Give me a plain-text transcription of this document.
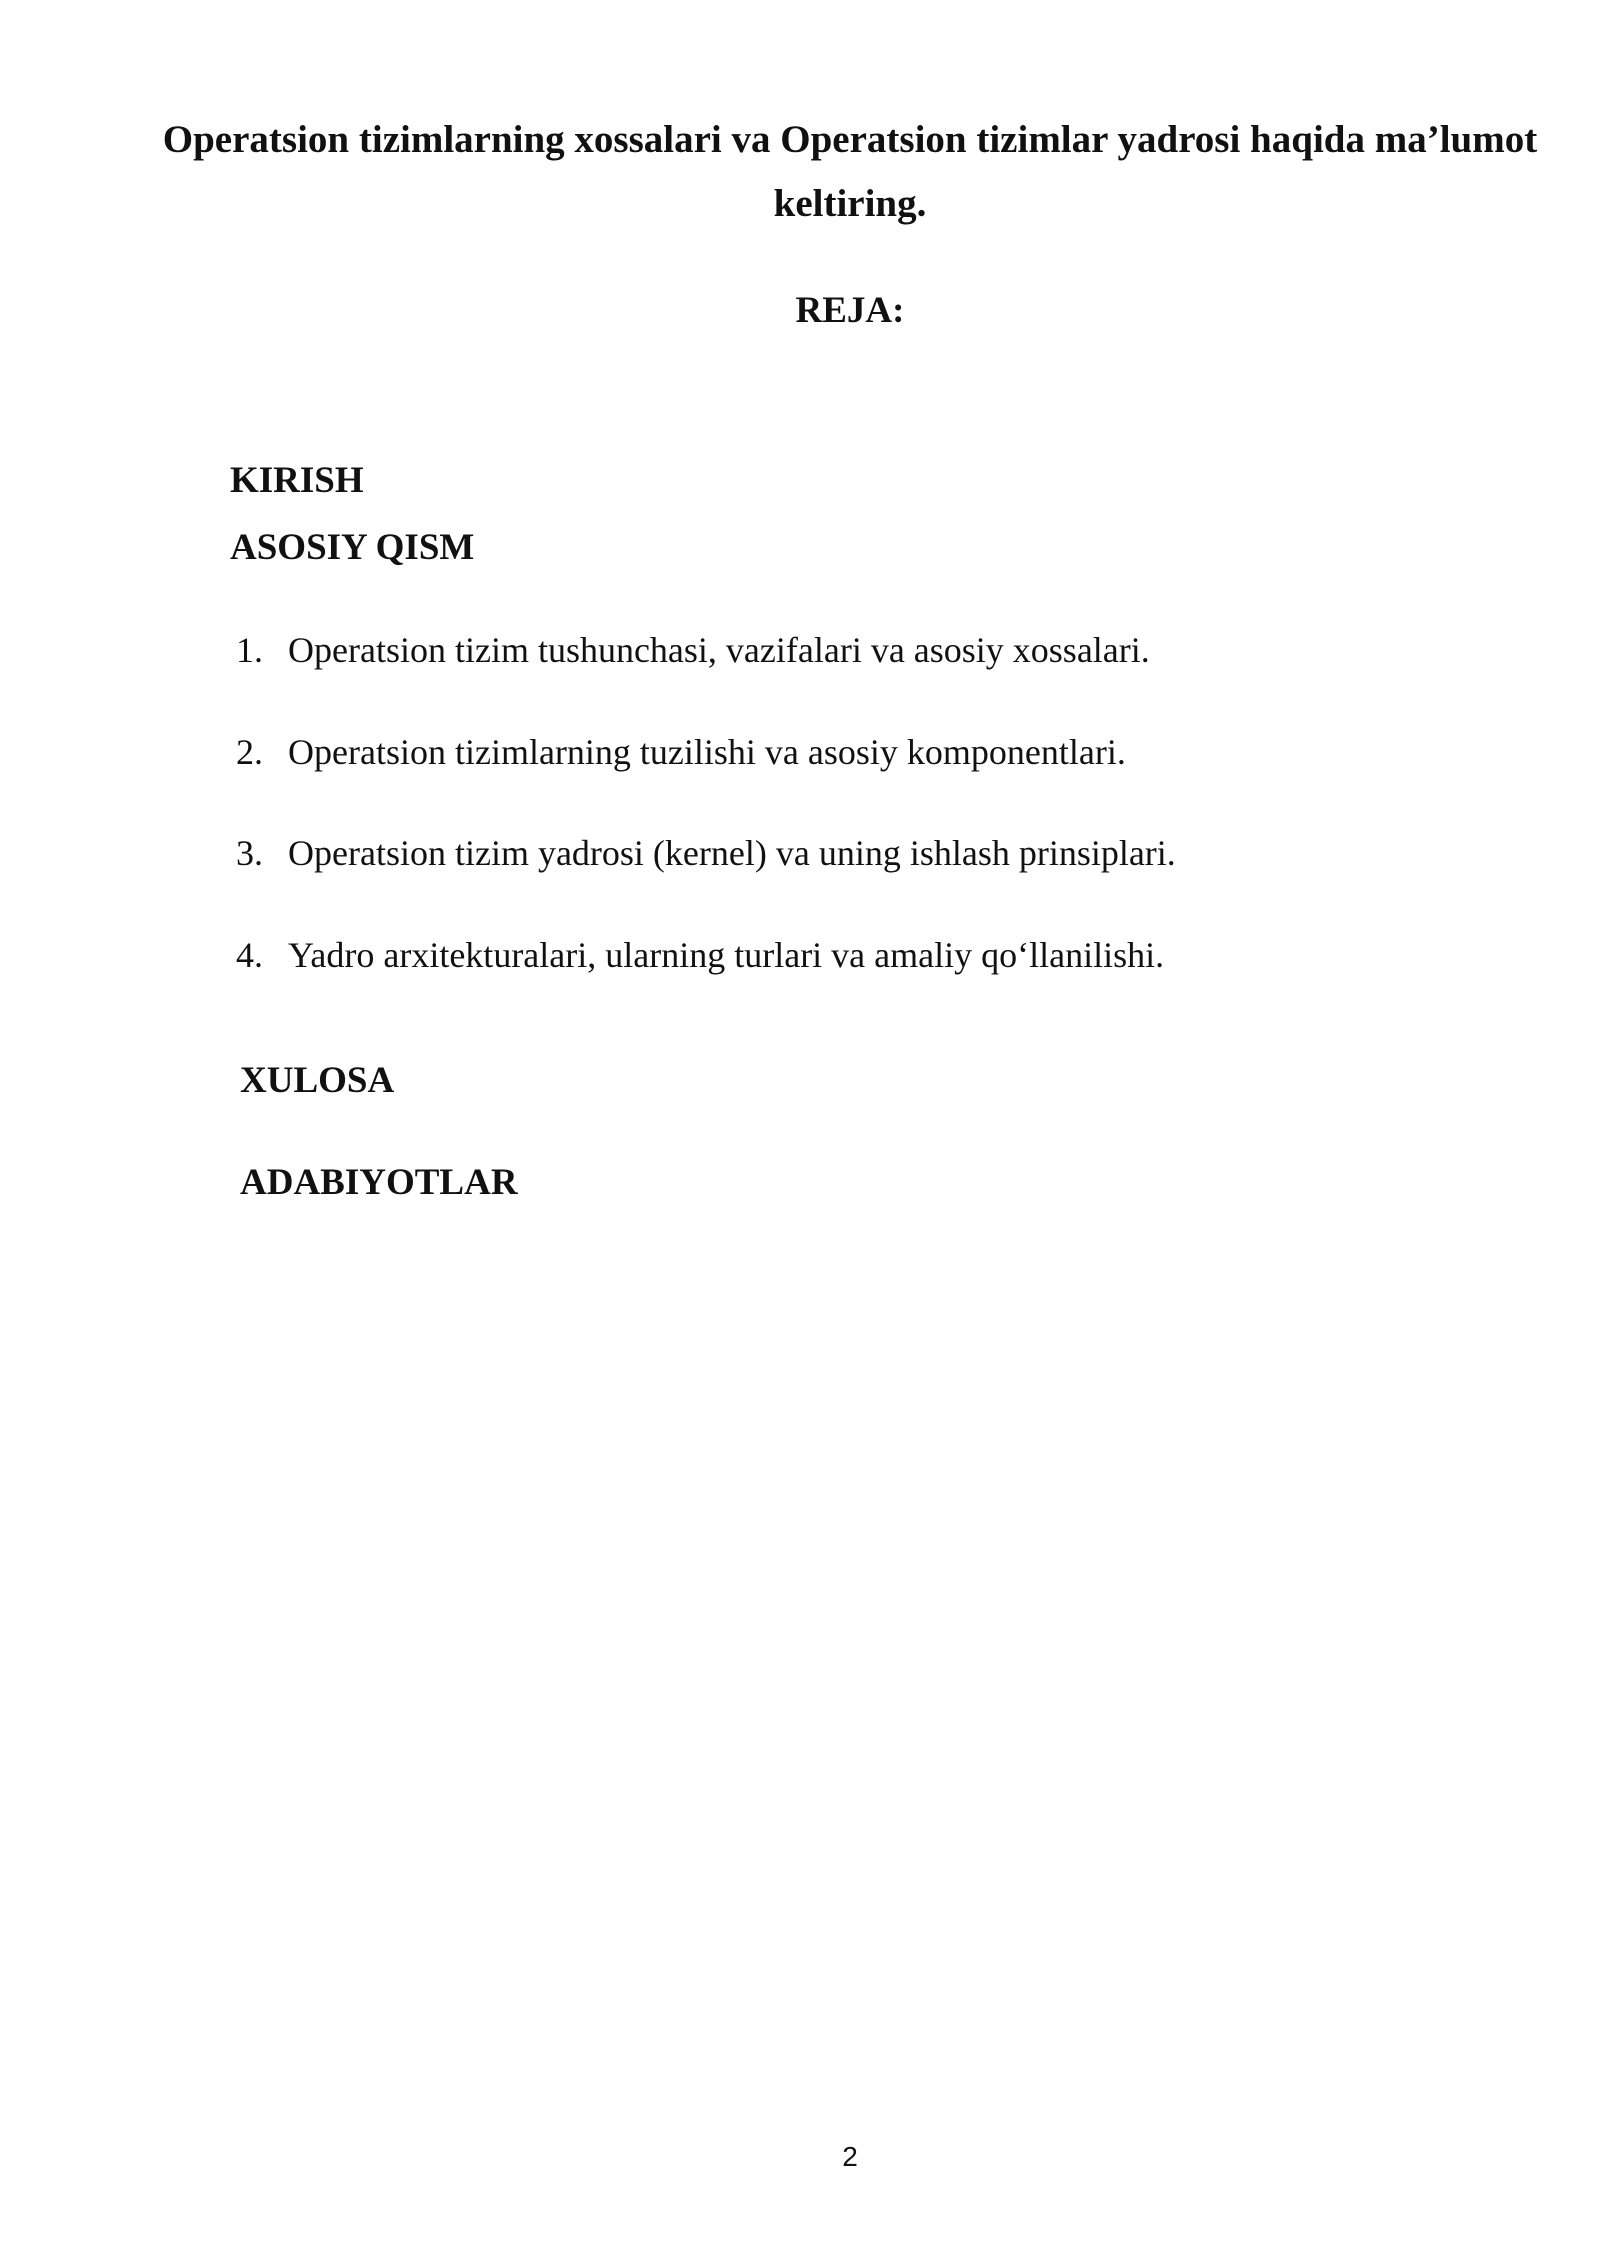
Operatsion tizimlarning xossalari va Operatsion tizimlar yadrosi haqida ma’lumot keltiring.
REJA:
KIRISH
ASOSIY QISM
1. Operatsion tizim tushunchasi, vazifalari va asosiy xossalari.
2. Operatsion tizimlarning tuzilishi va asosiy komponentlari.
3. Operatsion tizim yadrosi (kernel) va uning ishlash prinsiplari.
4. Yadro arxitekturalari, ularning turlari va amaliy qo‘llanilishi.
XULOSA
ADABIYOTLAR
2
